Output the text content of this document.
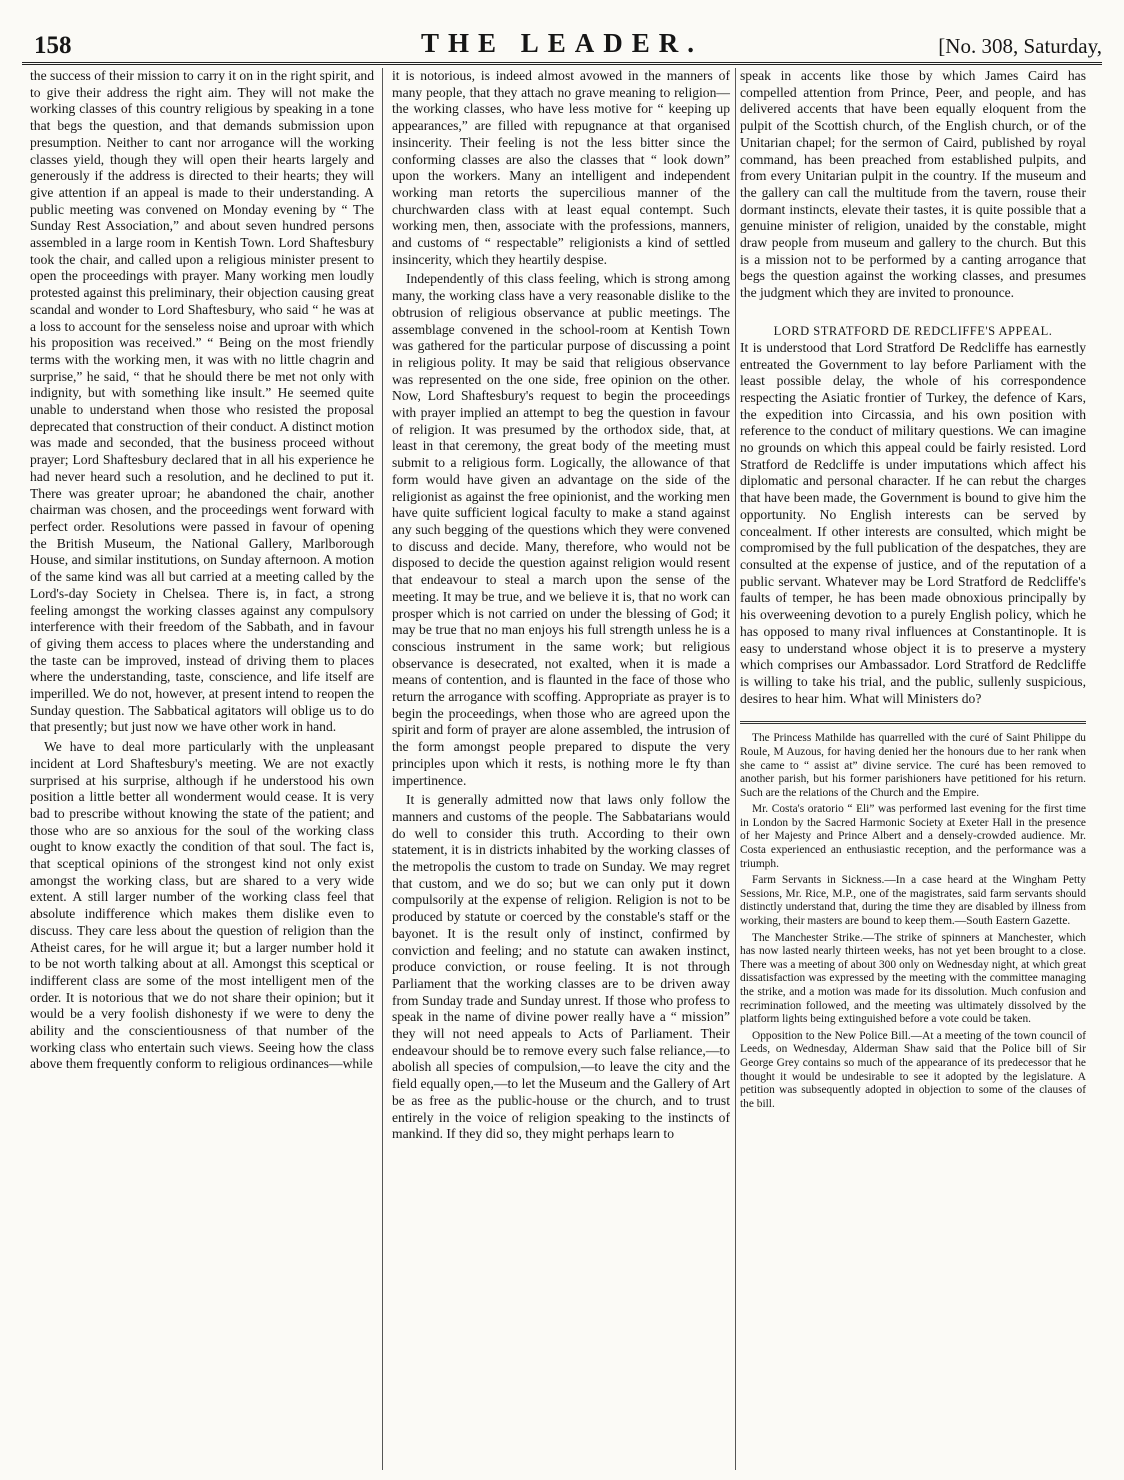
158	THE LEADER.	[No. 308, Saturday,

the success of their mission to carry it on in the right spirit, and to give their address the right aim. They will not make the working classes of this country religious by speaking in a tone that begs the question, and that demands submission upon presumption. Neither to cant nor arrogance will the working classes yield, though they will open their hearts largely and generously if the address is directed to their hearts; they will give attention if an appeal is made to their understanding. A public meeting was convened on Monday evening by “ The Sunday Rest Association,” and about seven hundred persons assembled in a large room in Kentish Town. Lord Shaftesbury took the chair, and called upon a religious minister present to open the proceedings with prayer. Many working men loudly protested against this preliminary, their objection causing great scandal and wonder to Lord Shaftesbury, who said “ he was at a loss to account for the senseless noise and uproar with which his proposition was received.” “ Being on the most friendly terms with the working men, it was with no little chagrin and surprise,” he said, “ that he should there be met not only with indignity, but with something like insult.” He seemed quite unable to understand when those who resisted the proposal deprecated that construction of their conduct. A distinct motion was made and seconded, that the business proceed without prayer; Lord Shaftesbury declared that in all his experience he had never heard such a resolution, and he declined to put it. There was greater uproar; he abandoned the chair, another chairman was chosen, and the proceedings went forward with perfect order. Resolutions were passed in favour of opening the British Museum, the National Gallery, Marlborough House, and similar institutions, on Sunday afternoon. A motion of the same kind was all but carried at a meeting called by the Lord's-day Society in Chelsea. There is, in fact, a strong feeling amongst the working classes against any compulsory interference with their freedom of the Sabbath, and in favour of giving them access to places where the understanding and the taste can be improved, instead of driving them to places where the understanding, taste, conscience, and life itself are imperilled. We do not, however, at present intend to reopen the Sunday question. The Sabbatical agitators will oblige us to do that presently; but just now we have other work in hand.

We have to deal more particularly with the unpleasant incident at Lord Shaftesbury's meeting. We are not exactly surprised at his surprise, although if he understood his own position a little better all wonderment would cease. It is very bad to prescribe without knowing the state of the patient; and those who are so anxious for the soul of the working class ought to know exactly the condition of that soul. The fact is, that sceptical opinions of the strongest kind not only exist amongst the working class, but are shared to a very wide extent. A still larger number of the working class feel that absolute indifference which makes them dislike even to discuss. They care less about the question of religion than the Atheist cares, for he will argue it; but a larger number hold it to be not worth talking about at all. Amongst this sceptical or indifferent class are some of the most intelligent men of the order. It is notorious that we do not share their opinion; but it would be a very foolish dishonesty if we were to deny the ability and the conscientiousness of that number of the working class who entertain such views. Seeing how the class above them frequently conform to religious ordinances—while

it is notorious, is indeed almost avowed in the manners of many people, that they attach no grave meaning to religion—the working classes, who have less motive for “ keeping up appearances,” are filled with repugnance at that organised insincerity. Their feeling is not the less bitter since the conforming classes are also the classes that “ look down” upon the workers. Many an intelligent and independent working man retorts the supercilious manner of the churchwarden class with at least equal contempt. Such working men, then, associate with the professions, manners, and customs of “ respectable” religionists a kind of settled insincerity, which they heartily despise.

Independently of this class feeling, which is strong among many, the working class have a very reasonable dislike to the obtrusion of religious observance at public meetings. The assemblage convened in the school-room at Kentish Town was gathered for the particular purpose of discussing a point in religious polity. It may be said that religious observance was represented on the one side, free opinion on the other. Now, Lord Shaftesbury's request to begin the proceedings with prayer implied an attempt to beg the question in favour of religion. It was presumed by the orthodox side, that, at least in that ceremony, the great body of the meeting must submit to a religious form. Logically, the allowance of that form would have given an advantage on the side of the religionist as against the free opinionist, and the working men have quite sufficient logical faculty to make a stand against any such begging of the questions which they were convened to discuss and decide. Many, therefore, who would not be disposed to decide the question against religion would resent that endeavour to steal a march upon the sense of the meeting. It may be true, and we believe it is, that no work can prosper which is not carried on under the blessing of God; it may be true that no man enjoys his full strength unless he is a conscious instrument in the same work; but religious observance is desecrated, not exalted, when it is made a means of contention, and is flaunted in the face of those who return the arrogance with scoffing. Appropriate as prayer is to begin the proceedings, when those who are agreed upon the spirit and form of prayer are alone assembled, the intrusion of the form amongst people prepared to dispute the very principles upon which it rests, is nothing more le fty than impertinence.

It is generally admitted now that laws only follow the manners and customs of the people. The Sabbatarians would do well to consider this truth. According to their own statement, it is in districts inhabited by the working classes of the metropolis the custom to trade on Sunday. We may regret that custom, and we do so; but we can only put it down compulsorily at the expense of religion. Religion is not to be produced by statute or coerced by the constable's staff or the bayonet. It is the result only of instinct, confirmed by conviction and feeling; and no statute can awaken instinct, produce conviction, or rouse feeling. It is not through Parliament that the working classes are to be driven away from Sunday trade and Sunday unrest. If those who profess to speak in the name of divine power really have a “ mission” they will not need appeals to Acts of Parliament. Their endeavour should be to remove every such false reliance,—to abolish all species of compulsion,—to leave the city and the field equally open,—to let the Museum and the Gallery of Art be as free as the public-house or the church, and to trust entirely in the voice of religion speaking to the instincts of mankind. If they did so, they might perhaps learn to

speak in accents like those by which James Caird has compelled attention from Prince, Peer, and people, and has delivered accents that have been equally eloquent from the pulpit of the Scottish church, of the English church, or of the Unitarian chapel; for the sermon of Caird, published by royal command, has been preached from established pulpits, and from every Unitarian pulpit in the country. If the museum and the gallery can call the multitude from the tavern, rouse their dormant instincts, elevate their tastes, it is quite possible that a genuine minister of religion, unaided by the constable, might draw people from museum and gallery to the church. But this is a mission not to be performed by a canting arrogance that begs the question against the working classes, and presumes the judgment which they are invited to pronounce.

LORD STRATFORD DE REDCLIFFE'S APPEAL.

It is understood that Lord Stratford De Redcliffe has earnestly entreated the Government to lay before Parliament with the least possible delay, the whole of his correspondence respecting the Asiatic frontier of Turkey, the defence of Kars, the expedition into Circassia, and his own position with reference to the conduct of military questions. We can imagine no grounds on which this appeal could be fairly resisted. Lord Stratford de Redcliffe is under imputations which affect his diplomatic and personal character. If he can rebut the charges that have been made, the Government is bound to give him the opportunity. No English interests can be served by concealment. If other interests are consulted, which might be compromised by the full publication of the despatches, they are consulted at the expense of justice, and of the reputation of a public servant. Whatever may be Lord Stratford de Redcliffe's faults of temper, he has been made obnoxious principally by his overweening devotion to a purely English policy, which he has opposed to many rival influences at Constantinople. It is easy to understand whose object it is to preserve a mystery which comprises our Ambassador. Lord Stratford de Redcliffe is willing to take his trial, and the public, sullenly suspicious, desires to hear him. What will Ministers do?

The Princess Mathilde has quarrelled with the curé of Saint Philippe du Roule, M Auzous, for having denied her the honours due to her rank when she came to “ assist at” divine service. The curé has been removed to another parish, but his former parishioners have petitioned for his return. Such are the relations of the Church and the Empire.

Mr. Costa's oratorio “ Eli” was performed last evening for the first time in London by the Sacred Harmonic Society at Exeter Hall in the presence of her Majesty and Prince Albert and a densely-crowded audience. Mr. Costa experienced an enthusiastic reception, and the performance was a triumph.

Farm Servants in Sickness.—In a case heard at the Wingham Petty Sessions, Mr. Rice, M.P., one of the magistrates, said farm servants should distinctly understand that, during the time they are disabled by illness from working, their masters are bound to keep them.—South Eastern Gazette.

The Manchester Strike.—The strike of spinners at Manchester, which has now lasted nearly thirteen weeks, has not yet been brought to a close. There was a meeting of about 300 only on Wednesday night, at which great dissatisfaction was expressed by the meeting with the committee managing the strike, and a motion was made for its dissolution. Much confusion and recrimination followed, and the meeting was ultimately dissolved by the platform lights being extinguished before a vote could be taken.

Opposition to the New Police Bill.—At a meeting of the town council of Leeds, on Wednesday, Alderman Shaw said that the Police bill of Sir George Grey contains so much of the appearance of its predecessor that he thought it would be undesirable to see it adopted by the legislature. A petition was subsequently adopted in objection to some of the clauses of the bill.
